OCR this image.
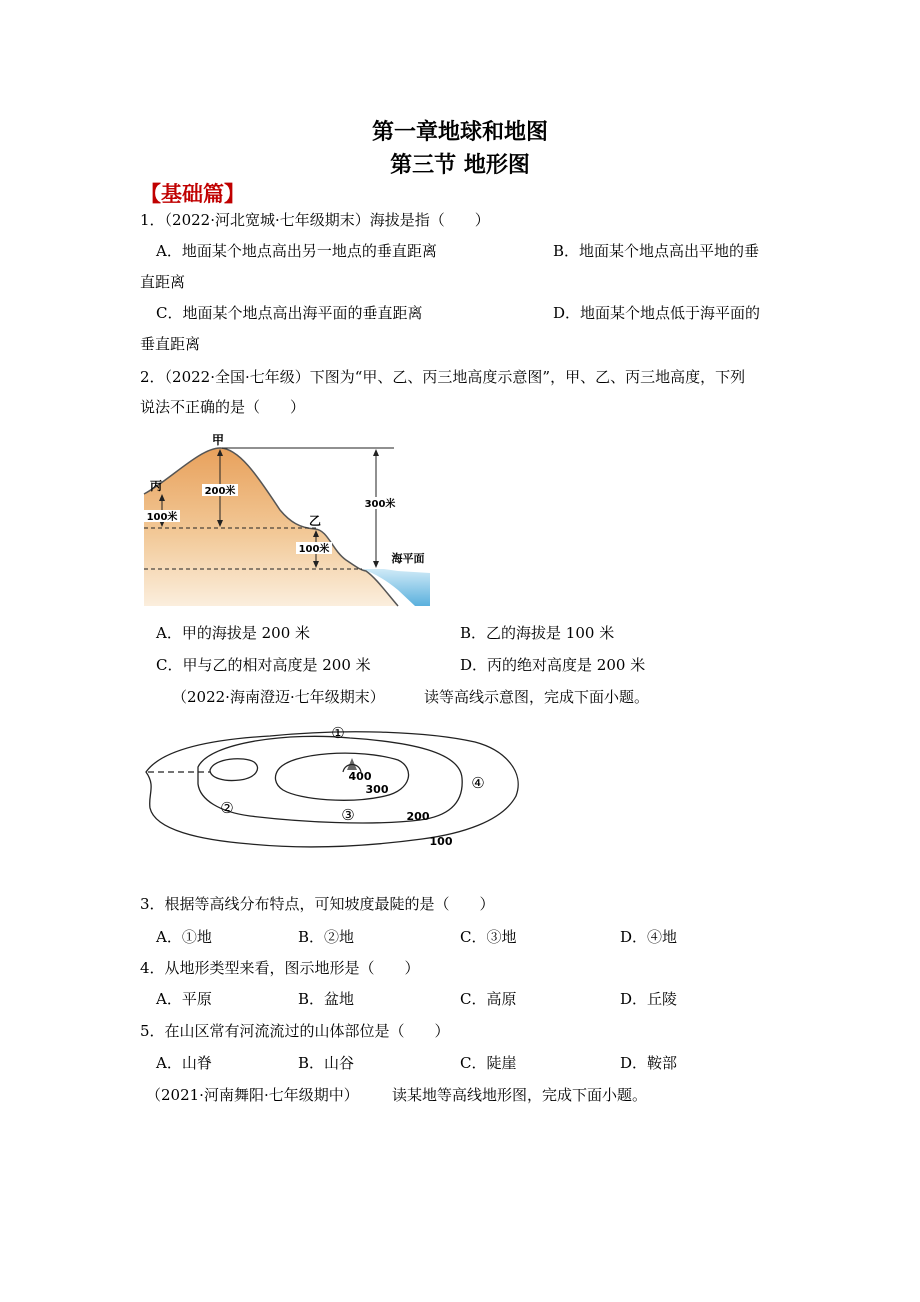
第一章地球和地图
第三节 地形图
【基础篇】
1．（2022·河北宽城·七年级期末）海拔是指（　　）
A．地面某个地点高出另一地点的垂直距离	B．地面某个地点高出平地的垂
直距离
C．地面某个地点高出海平面的垂直距离	D．地面某个地点低于海平面的
垂直距离
2．（2022·全国·七年级）下图为“甲、乙、丙三地高度示意图”，甲、乙、丙三地高度，下列
说法不正确的是（　　）
甲
乙
丙	200米
100米
100米
300米
海平面
A．甲的海拔是 200 米	B．乙的海拔是 100 米
C．甲与乙的相对高度是 200 米	D．丙的绝对高度是 200 米
（2022·海南澄迈·七年级期末）	读等高线示意图，完成下面小题。
①
②	③
④
400
300
200
100
3．根据等高线分布特点，可知坡度最陡的是（　　）
A．①地	B．②地	C．③地	D．④地
4．从地形类型来看，图示地形是（　　）
A．平原	B．盆地	C．高原	D．丘陵
5．在山区常有河流流过的山体部位是（　　）
A．山脊	B．山谷	C．陡崖	D．鞍部
（2021·河南舞阳·七年级期中） 读某地等高线地形图，完成下面小题。
